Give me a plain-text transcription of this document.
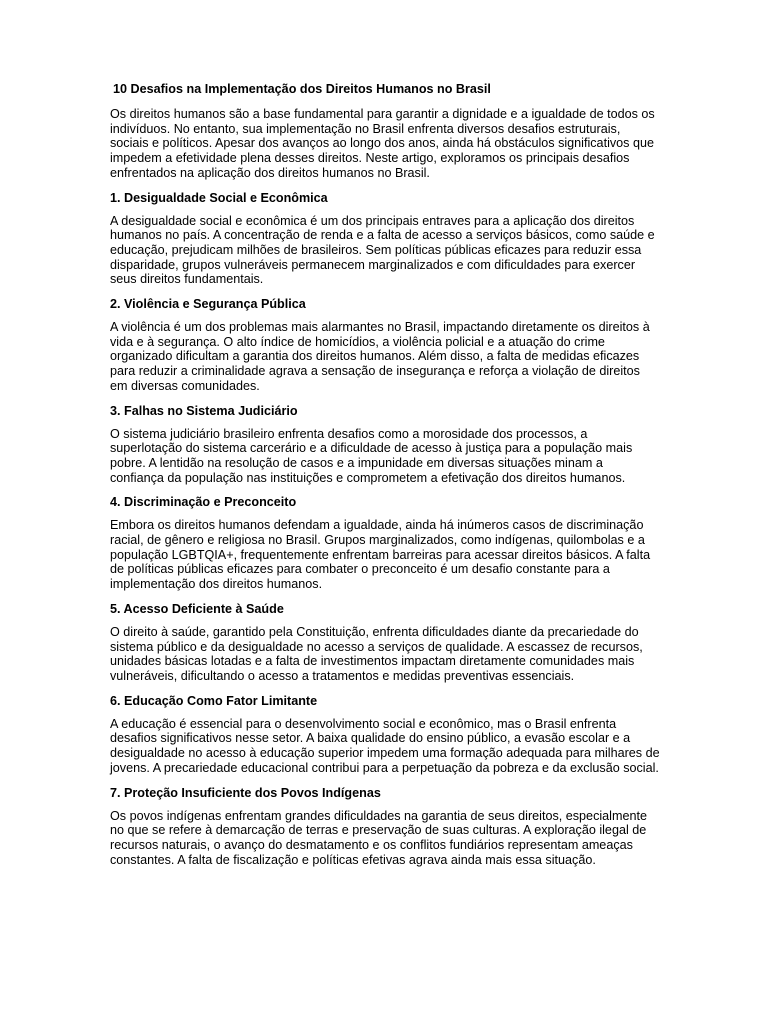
10 Desafios na Implementação dos Direitos Humanos no Brasil

Os direitos humanos são a base fundamental para garantir a dignidade e a igualdade de todos os indivíduos. No entanto, sua implementação no Brasil enfrenta diversos desafios estruturais, sociais e políticos. Apesar dos avanços ao longo dos anos, ainda há obstáculos significativos que impedem a efetividade plena desses direitos. Neste artigo, exploramos os principais desafios enfrentados na aplicação dos direitos humanos no Brasil.

1. Desigualdade Social e Econômica

A desigualdade social e econômica é um dos principais entraves para a aplicação dos direitos humanos no país. A concentração de renda e a falta de acesso a serviços básicos, como saúde e educação, prejudicam milhões de brasileiros. Sem políticas públicas eficazes para reduzir essa disparidade, grupos vulneráveis permanecem marginalizados e com dificuldades para exercer seus direitos fundamentais.

2. Violência e Segurança Pública

A violência é um dos problemas mais alarmantes no Brasil, impactando diretamente os direitos à vida e à segurança. O alto índice de homicídios, a violência policial e a atuação do crime organizado dificultam a garantia dos direitos humanos. Além disso, a falta de medidas eficazes para reduzir a criminalidade agrava a sensação de insegurança e reforça a violação de direitos em diversas comunidades.

3. Falhas no Sistema Judiciário

O sistema judiciário brasileiro enfrenta desafios como a morosidade dos processos, a superlotação do sistema carcerário e a dificuldade de acesso à justiça para a população mais pobre. A lentidão na resolução de casos e a impunidade em diversas situações minam a confiança da população nas instituições e comprometem a efetivação dos direitos humanos.

4. Discriminação e Preconceito

Embora os direitos humanos defendam a igualdade, ainda há inúmeros casos de discriminação racial, de gênero e religiosa no Brasil. Grupos marginalizados, como indígenas, quilombolas e a população LGBTQIA+, frequentemente enfrentam barreiras para acessar direitos básicos. A falta de políticas públicas eficazes para combater o preconceito é um desafio constante para a implementação dos direitos humanos.

5. Acesso Deficiente à Saúde

O direito à saúde, garantido pela Constituição, enfrenta dificuldades diante da precariedade do sistema público e da desigualdade no acesso a serviços de qualidade. A escassez de recursos, unidades básicas lotadas e a falta de investimentos impactam diretamente comunidades mais vulneráveis, dificultando o acesso a tratamentos e medidas preventivas essenciais.

6. Educação Como Fator Limitante

A educação é essencial para o desenvolvimento social e econômico, mas o Brasil enfrenta desafios significativos nesse setor. A baixa qualidade do ensino público, a evasão escolar e a desigualdade no acesso à educação superior impedem uma formação adequada para milhares de jovens. A precariedade educacional contribui para a perpetuação da pobreza e da exclusão social.

7. Proteção Insuficiente dos Povos Indígenas

Os povos indígenas enfrentam grandes dificuldades na garantia de seus direitos, especialmente no que se refere à demarcação de terras e preservação de suas culturas. A exploração ilegal de recursos naturais, o avanço do desmatamento e os conflitos fundiários representam ameaças constantes. A falta de fiscalização e políticas efetivas agrava ainda mais essa situação.
